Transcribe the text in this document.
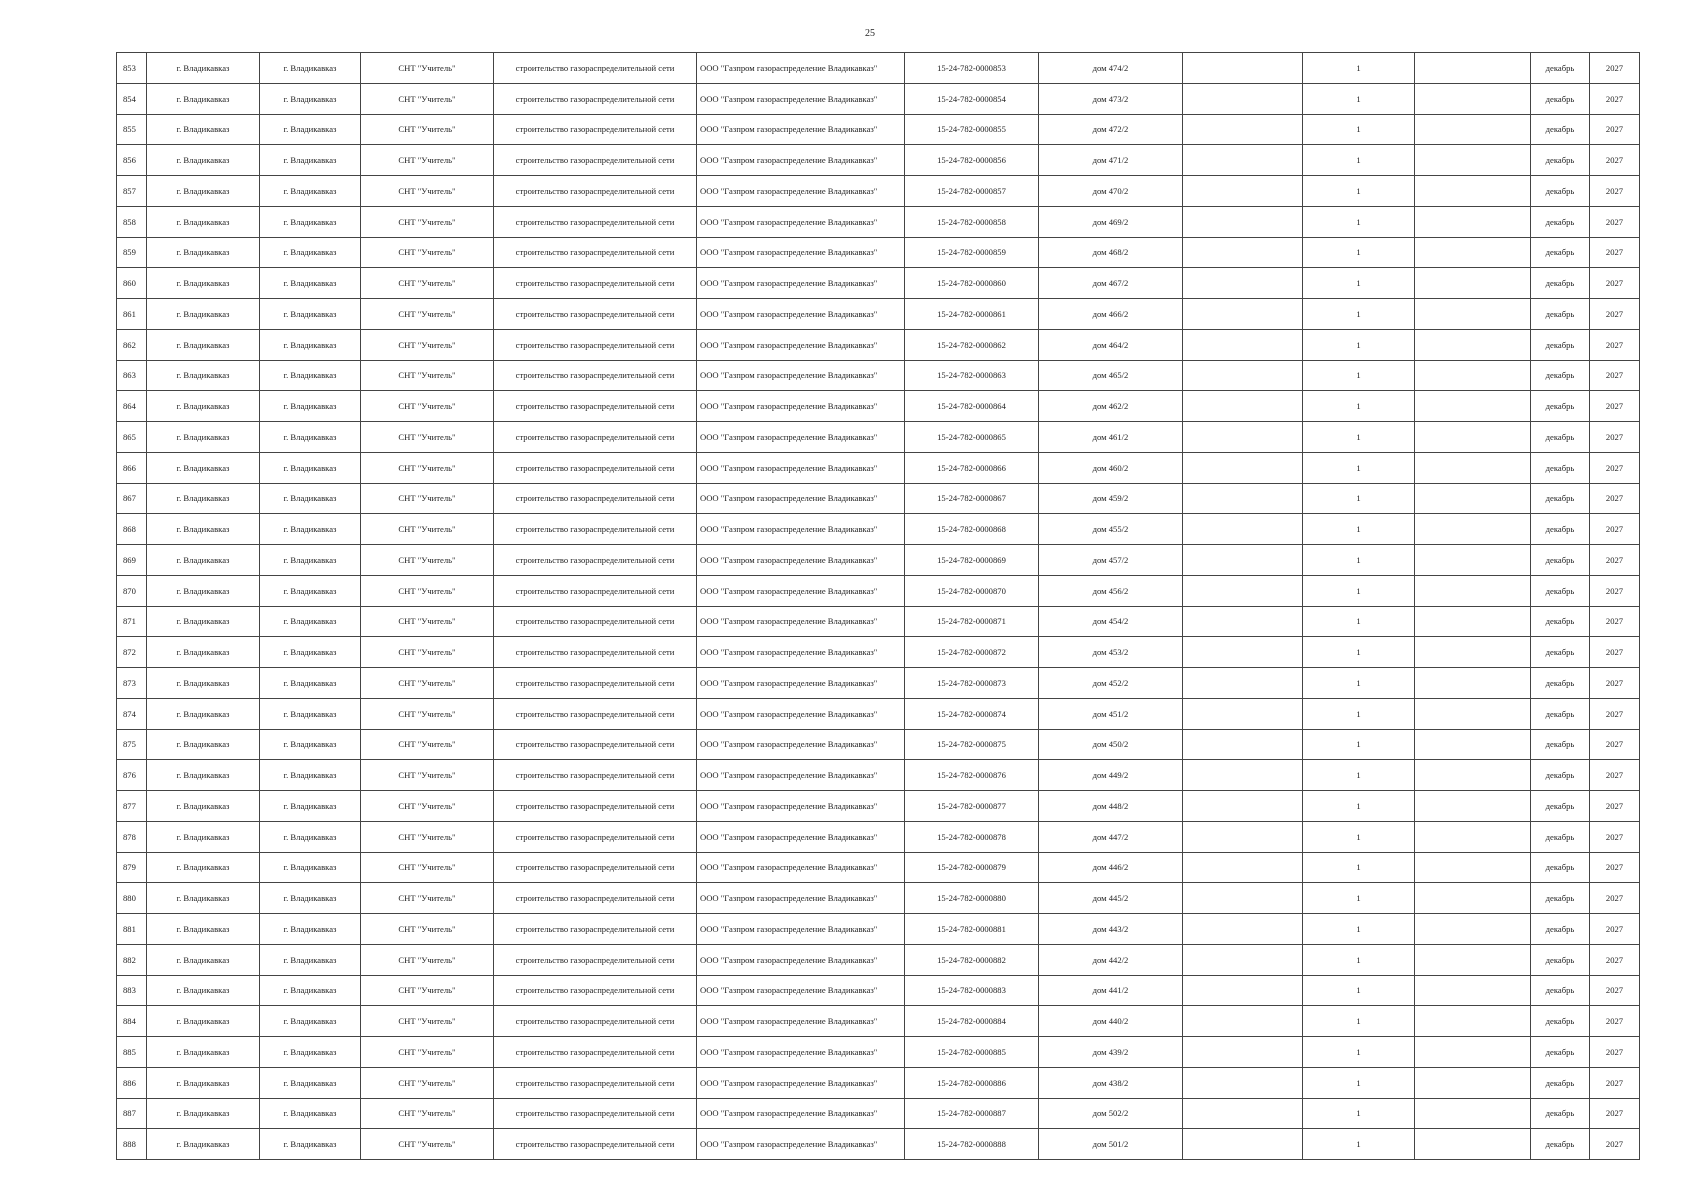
25
853	г. Владикавказ	г. Владикавказ	СНТ "Учитель"	строительство газораспределительной сети	ООО "Газпром газораспределение Владикавказ"	15-24-782-0000853	дом 474/2		1		декабрь	2027
854	г. Владикавказ	г. Владикавказ	СНТ "Учитель"	строительство газораспределительной сети	ООО "Газпром газораспределение Владикавказ"	15-24-782-0000854	дом 473/2		1		декабрь	2027
855	г. Владикавказ	г. Владикавказ	СНТ "Учитель"	строительство газораспределительной сети	ООО "Газпром газораспределение Владикавказ"	15-24-782-0000855	дом 472/2		1		декабрь	2027
856	г. Владикавказ	г. Владикавказ	СНТ "Учитель"	строительство газораспределительной сети	ООО "Газпром газораспределение Владикавказ"	15-24-782-0000856	дом 471/2		1		декабрь	2027
857	г. Владикавказ	г. Владикавказ	СНТ "Учитель"	строительство газораспределительной сети	ООО "Газпром газораспределение Владикавказ"	15-24-782-0000857	дом 470/2		1		декабрь	2027
858	г. Владикавказ	г. Владикавказ	СНТ "Учитель"	строительство газораспределительной сети	ООО "Газпром газораспределение Владикавказ"	15-24-782-0000858	дом 469/2		1		декабрь	2027
859	г. Владикавказ	г. Владикавказ	СНТ "Учитель"	строительство газораспределительной сети	ООО "Газпром газораспределение Владикавказ"	15-24-782-0000859	дом 468/2		1		декабрь	2027
860	г. Владикавказ	г. Владикавказ	СНТ "Учитель"	строительство газораспределительной сети	ООО "Газпром газораспределение Владикавказ"	15-24-782-0000860	дом 467/2		1		декабрь	2027
861	г. Владикавказ	г. Владикавказ	СНТ "Учитель"	строительство газораспределительной сети	ООО "Газпром газораспределение Владикавказ"	15-24-782-0000861	дом 466/2		1		декабрь	2027
862	г. Владикавказ	г. Владикавказ	СНТ "Учитель"	строительство газораспределительной сети	ООО "Газпром газораспределение Владикавказ"	15-24-782-0000862	дом 464/2		1		декабрь	2027
863	г. Владикавказ	г. Владикавказ	СНТ "Учитель"	строительство газораспределительной сети	ООО "Газпром газораспределение Владикавказ"	15-24-782-0000863	дом 465/2		1		декабрь	2027
864	г. Владикавказ	г. Владикавказ	СНТ "Учитель"	строительство газораспределительной сети	ООО "Газпром газораспределение Владикавказ"	15-24-782-0000864	дом 462/2		1		декабрь	2027
865	г. Владикавказ	г. Владикавказ	СНТ "Учитель"	строительство газораспределительной сети	ООО "Газпром газораспределение Владикавказ"	15-24-782-0000865	дом 461/2		1		декабрь	2027
866	г. Владикавказ	г. Владикавказ	СНТ "Учитель"	строительство газораспределительной сети	ООО "Газпром газораспределение Владикавказ"	15-24-782-0000866	дом 460/2		1		декабрь	2027
867	г. Владикавказ	г. Владикавказ	СНТ "Учитель"	строительство газораспределительной сети	ООО "Газпром газораспределение Владикавказ"	15-24-782-0000867	дом 459/2		1		декабрь	2027
868	г. Владикавказ	г. Владикавказ	СНТ "Учитель"	строительство газораспределительной сети	ООО "Газпром газораспределение Владикавказ"	15-24-782-0000868	дом 455/2		1		декабрь	2027
869	г. Владикавказ	г. Владикавказ	СНТ "Учитель"	строительство газораспределительной сети	ООО "Газпром газораспределение Владикавказ"	15-24-782-0000869	дом 457/2		1		декабрь	2027
870	г. Владикавказ	г. Владикавказ	СНТ "Учитель"	строительство газораспределительной сети	ООО "Газпром газораспределение Владикавказ"	15-24-782-0000870	дом 456/2		1		декабрь	2027
871	г. Владикавказ	г. Владикавказ	СНТ "Учитель"	строительство газораспределительной сети	ООО "Газпром газораспределение Владикавказ"	15-24-782-0000871	дом 454/2		1		декабрь	2027
872	г. Владикавказ	г. Владикавказ	СНТ "Учитель"	строительство газораспределительной сети	ООО "Газпром газораспределение Владикавказ"	15-24-782-0000872	дом 453/2		1		декабрь	2027
873	г. Владикавказ	г. Владикавказ	СНТ "Учитель"	строительство газораспределительной сети	ООО "Газпром газораспределение Владикавказ"	15-24-782-0000873	дом 452/2		1		декабрь	2027
874	г. Владикавказ	г. Владикавказ	СНТ "Учитель"	строительство газораспределительной сети	ООО "Газпром газораспределение Владикавказ"	15-24-782-0000874	дом 451/2		1		декабрь	2027
875	г. Владикавказ	г. Владикавказ	СНТ "Учитель"	строительство газораспределительной сети	ООО "Газпром газораспределение Владикавказ"	15-24-782-0000875	дом 450/2		1		декабрь	2027
876	г. Владикавказ	г. Владикавказ	СНТ "Учитель"	строительство газораспределительной сети	ООО "Газпром газораспределение Владикавказ"	15-24-782-0000876	дом 449/2		1		декабрь	2027
877	г. Владикавказ	г. Владикавказ	СНТ "Учитель"	строительство газораспределительной сети	ООО "Газпром газораспределение Владикавказ"	15-24-782-0000877	дом 448/2		1		декабрь	2027
878	г. Владикавказ	г. Владикавказ	СНТ "Учитель"	строительство газораспределительной сети	ООО "Газпром газораспределение Владикавказ"	15-24-782-0000878	дом 447/2		1		декабрь	2027
879	г. Владикавказ	г. Владикавказ	СНТ "Учитель"	строительство газораспределительной сети	ООО "Газпром газораспределение Владикавказ"	15-24-782-0000879	дом 446/2		1		декабрь	2027
880	г. Владикавказ	г. Владикавказ	СНТ "Учитель"	строительство газораспределительной сети	ООО "Газпром газораспределение Владикавказ"	15-24-782-0000880	дом 445/2		1		декабрь	2027
881	г. Владикавказ	г. Владикавказ	СНТ "Учитель"	строительство газораспределительной сети	ООО "Газпром газораспределение Владикавказ"	15-24-782-0000881	дом 443/2		1		декабрь	2027
882	г. Владикавказ	г. Владикавказ	СНТ "Учитель"	строительство газораспределительной сети	ООО "Газпром газораспределение Владикавказ"	15-24-782-0000882	дом 442/2		1		декабрь	2027
883	г. Владикавказ	г. Владикавказ	СНТ "Учитель"	строительство газораспределительной сети	ООО "Газпром газораспределение Владикавказ"	15-24-782-0000883	дом 441/2		1		декабрь	2027
884	г. Владикавказ	г. Владикавказ	СНТ "Учитель"	строительство газораспределительной сети	ООО "Газпром газораспределение Владикавказ"	15-24-782-0000884	дом 440/2		1		декабрь	2027
885	г. Владикавказ	г. Владикавказ	СНТ "Учитель"	строительство газораспределительной сети	ООО "Газпром газораспределение Владикавказ"	15-24-782-0000885	дом 439/2		1		декабрь	2027
886	г. Владикавказ	г. Владикавказ	СНТ "Учитель"	строительство газораспределительной сети	ООО "Газпром газораспределение Владикавказ"	15-24-782-0000886	дом 438/2		1		декабрь	2027
887	г. Владикавказ	г. Владикавказ	СНТ "Учитель"	строительство газораспределительной сети	ООО "Газпром газораспределение Владикавказ"	15-24-782-0000887	дом 502/2		1		декабрь	2027
888	г. Владикавказ	г. Владикавказ	СНТ "Учитель"	строительство газораспределительной сети	ООО "Газпром газораспределение Владикавказ"	15-24-782-0000888	дом 501/2		1		декабрь	2027
